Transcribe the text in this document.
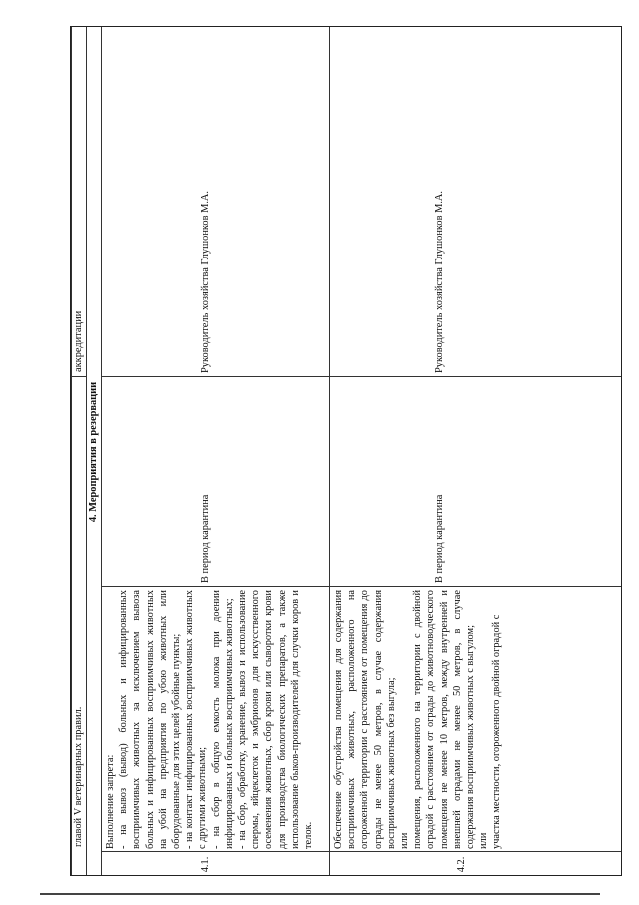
главой V ветеринарных правил.
аккредитации
4. Мероприятия в резервации
4.1.
Выполнение запрета: - на вывоз (вывод) больных и инфицированных восприимчивых животных за исключением вывоза больных и инфицированных восприимчивых животных на убой на предприятия по убою животных или оборудованные для этих целей убойные пункты; - на контакт инфицированных восприимчивых животных с другими животными; - на сбор в общую емкость молока при доении инфицированных и больных восприимчивых животных; - на сбор, обработку, хранение, вывоз и использование спермы, яйцеклеток и эмбрионов для искусственного осеменения животных, сбор крови или сыворотки крови для производства биологических препаратов, а также использование быков-производителей для случки коров и телок.
В период карантина
Руководитель хозяйства Глушонков М.А.
4.2.
Обеспечение обустройства помещения для содержания восприимчивых животных, расположенного на огороженной территории с расстоянием от помещения до ограды не менее 50 метров, в случае содержания восприимчивых животных без выгула; или помещения, расположенного на территории с двойной оградой с расстоянием от ограды до животноводческого помещения не менее 10 метров, между внутренней и внешней оградами не менее 50 метров, в случае содержания восприимчивых животных с выгулом; или участка местности, огороженного двойной оградой с
В период карантина
Руководитель хозяйства Глушонков М.А.
